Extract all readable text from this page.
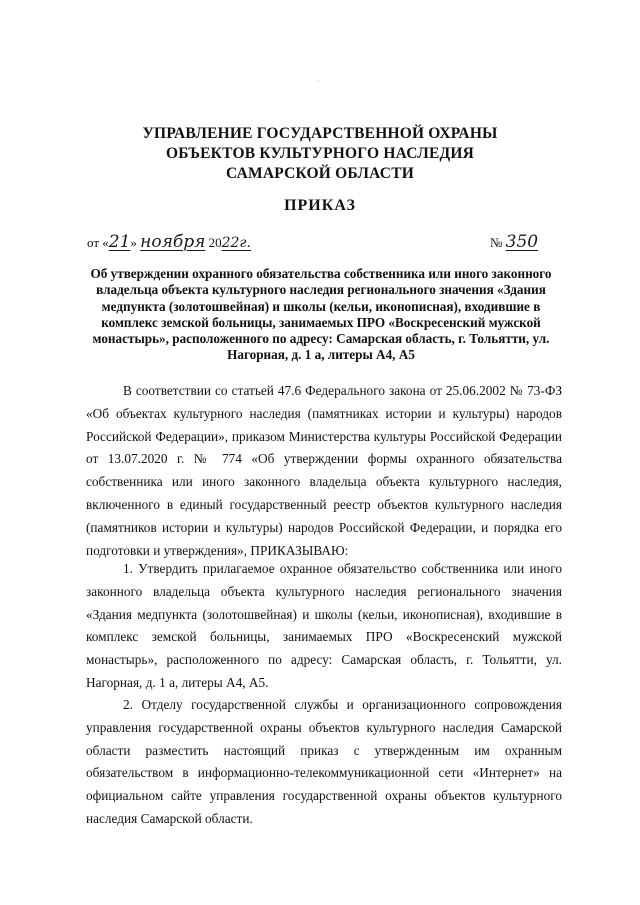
УПРАВЛЕНИЕ ГОСУДАРСТВЕННОЙ ОХРАНЫ
ОБЪЕКТОВ КУЛЬТУРНОГО НАСЛЕДИЯ
САМАРСКОЙ ОБЛАСТИ
ПРИКАЗ
от «21» ноября 2022г.	№ 350
Об утверждении охранного обязательства собственника или иного законного владельца объекта культурного наследия регионального значения «Здания медпункта (золотошвейная) и школы (кельи, иконописная), входившие в комплекс земской больницы, занимаемых ПРО «Воскресенский мужской монастырь», расположенного по адресу: Самарская область, г. Тольятти, ул. Нагорная, д. 1 а, литеры А4, А5
В соответствии со статьей 47.6 Федерального закона от 25.06.2002 № 73-ФЗ «Об объектах культурного наследия (памятниках истории и культуры) народов Российской Федерации», приказом Министерства культуры Российской Федерации от 13.07.2020 г. № 774 «Об утверждении формы охранного обязательства собственника или иного законного владельца объекта культурного наследия, включенного в единый государственный реестр объектов культурного наследия (памятников истории и культуры) народов Российской Федерации, и порядка его подготовки и утверждения», ПРИКАЗЫВАЮ:
1. Утвердить прилагаемое охранное обязательство собственника или иного законного владельца объекта культурного наследия регионального значения «Здания медпункта (золотошвейная) и школы (кельи, иконописная), входившие в комплекс земской больницы, занимаемых ПРО «Воскресенский мужской монастырь», расположенного по адресу: Самарская область, г. Тольятти, ул. Нагорная, д. 1 а, литеры А4, А5.
2. Отделу государственной службы и организационного сопровождения управления государственной охраны объектов культурного наследия Самарской области разместить настоящий приказ с утвержденным им охранным обязательством в информационно-телекоммуникационной сети «Интернет» на официальном сайте управления государственной охраны объектов культурного наследия Самарской области.
